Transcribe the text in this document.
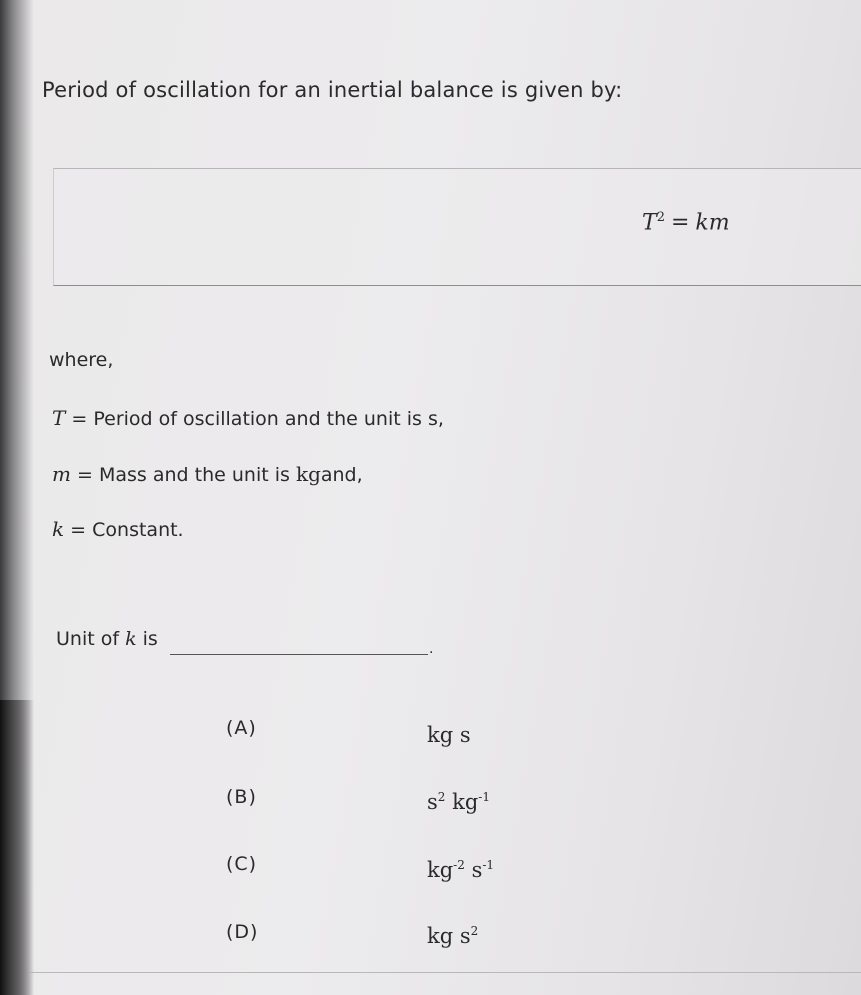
Period of oscillation for an inertial balance is given by:
$T^2$ = km
where,
T = Period of oscillation and the unit is s,
m = Mass and the unit is kgand,
k = Constant.
Unit of k is	.
(A)	kg s
(B)	$s^2$ $kg^{-1}$
(C)	$kg^{-2}$ $s^{-1}$
(D)	kg $s^2$
